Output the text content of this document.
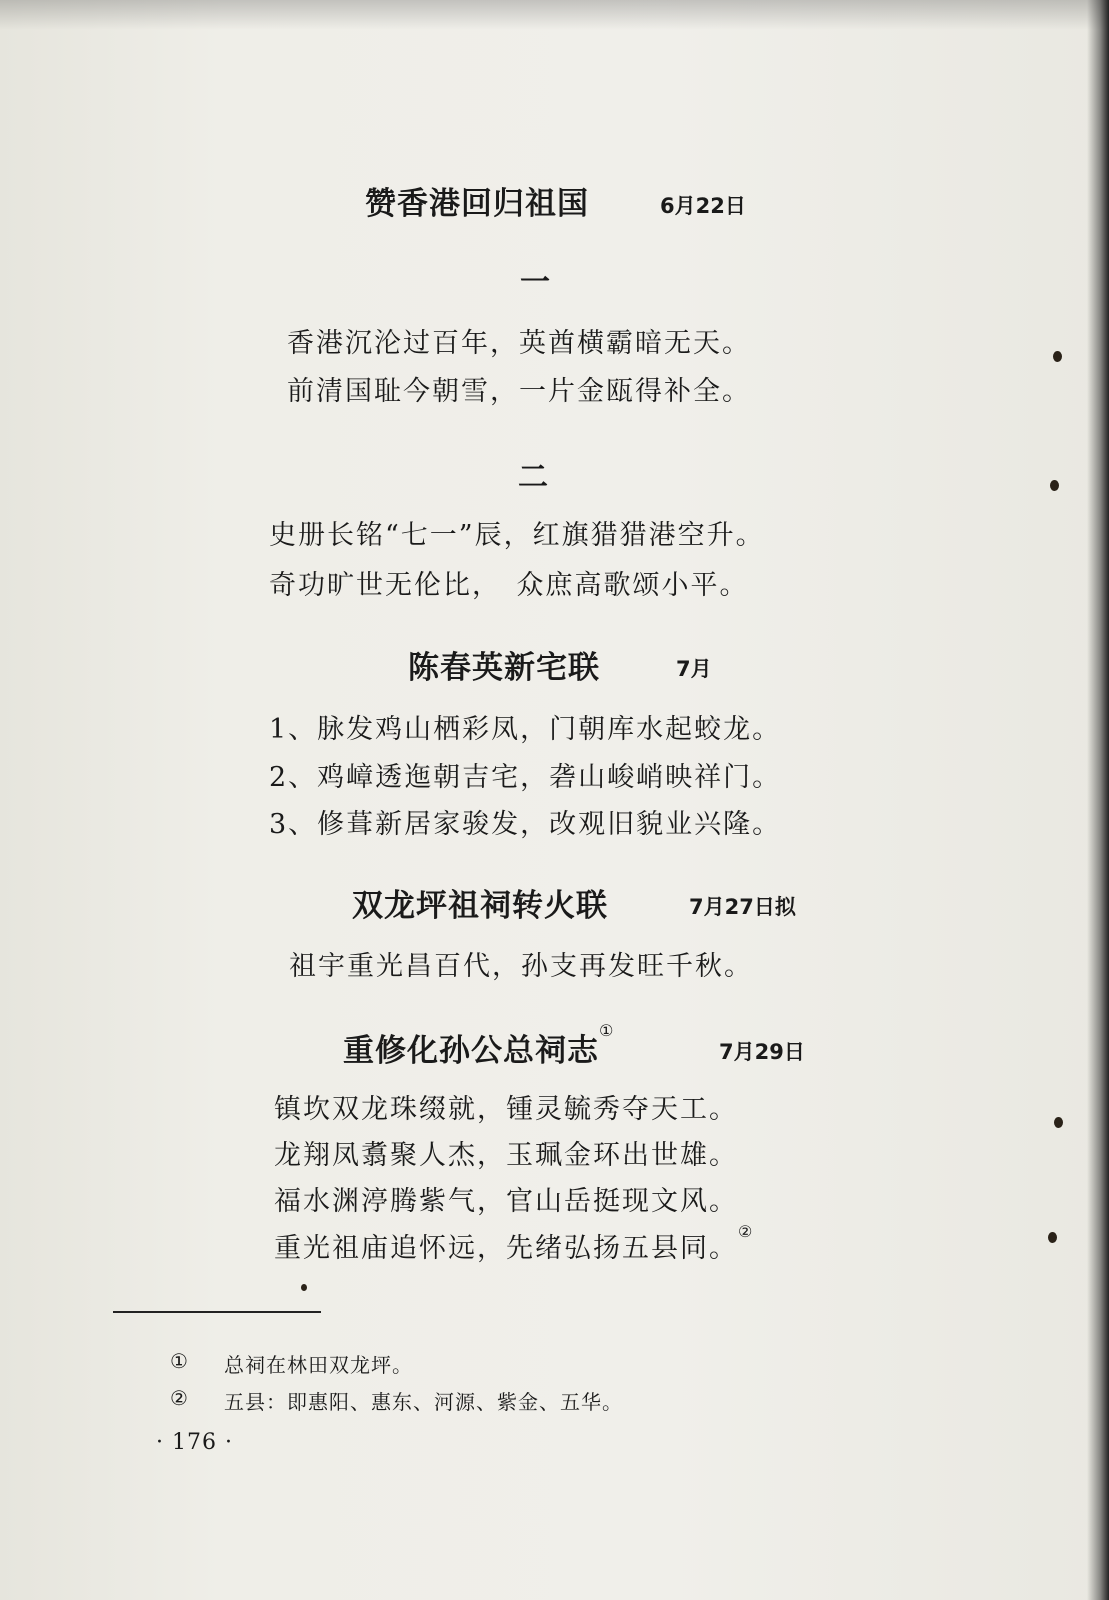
赞香港回归祖国	6月22日
一
香港沉沦过百年，英酋横霸暗无天。
前清国耻今朝雪，一片金瓯得补全。
二
史册长铭“七一”辰，红旗猎猎港空升。
奇功旷世无伦比，　众庶高歌颂小平。
陈春英新宅联	7月
1、脉发鸡山栖彩凤，门朝库水起蛟龙。
2、鸡嶂透迤朝吉宅，砻山峻峭映祥门。
3、修葺新居家骏发，改观旧貌业兴隆。
双龙坪祖祠转火联	7月27日拟
祖宇重光昌百代，孙支再发旺千秋。
重修化孙公总祠志①
7月29日
镇坎双龙珠缀就，锺灵毓秀夺天工。
龙翔凤翥聚人杰，玉珮金环出世雄。
福水渊渟腾紫气，官山岳挺现文风。
重光祖庙追怀远，先绪弘扬五县同。②
① 总祠在林田双龙坪。
② 五县：即惠阳、惠东、河源、紫金、五华。
· 176 ·
